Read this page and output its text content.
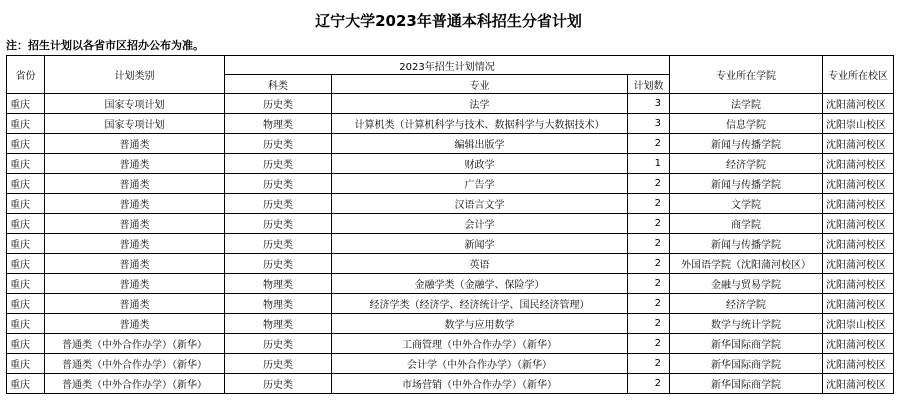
辽宁大学2023年普通本科招生分省计划
注：招生计划以各省市区招办公布为准。
省份	计划类别	2023年招生计划情况			专业所在学院	专业所在校区
		科类	专业	计划数		
重庆	国家专项计划	历史类	法学	3	法学院	沈阳蒲河校区
重庆	国家专项计划	物理类	计算机类（计算机科学与技术、数据科学与大数据技术）	3	信息学院	沈阳崇山校区
重庆	普通类	历史类	编辑出版学	2	新闻与传播学院	沈阳蒲河校区
重庆	普通类	历史类	财政学	1	经济学院	沈阳蒲河校区
重庆	普通类	历史类	广告学	2	新闻与传播学院	沈阳蒲河校区
重庆	普通类	历史类	汉语言文学	2	文学院	沈阳蒲河校区
重庆	普通类	历史类	会计学	2	商学院	沈阳蒲河校区
重庆	普通类	历史类	新闻学	2	新闻与传播学院	沈阳蒲河校区
重庆	普通类	历史类	英语	2	外国语学院（沈阳蒲河校区）	沈阳蒲河校区
重庆	普通类	物理类	金融学类（金融学、保险学）	2	金融与贸易学院	沈阳蒲河校区
重庆	普通类	物理类	经济学类（经济学、经济统计学、国民经济管理）	2	经济学院	沈阳蒲河校区
重庆	普通类	物理类	数学与应用数学	2	数学与统计学院	沈阳崇山校区
重庆	普通类（中外合作办学）（新华）	历史类	工商管理（中外合作办学）（新华）	2	新华国际商学院	沈阳蒲河校区
重庆	普通类（中外合作办学）（新华）	历史类	会计学（中外合作办学）（新华）	2	新华国际商学院	沈阳蒲河校区
重庆	普通类（中外合作办学）（新华）	历史类	市场营销（中外合作办学）（新华）	2	新华国际商学院	沈阳蒲河校区
